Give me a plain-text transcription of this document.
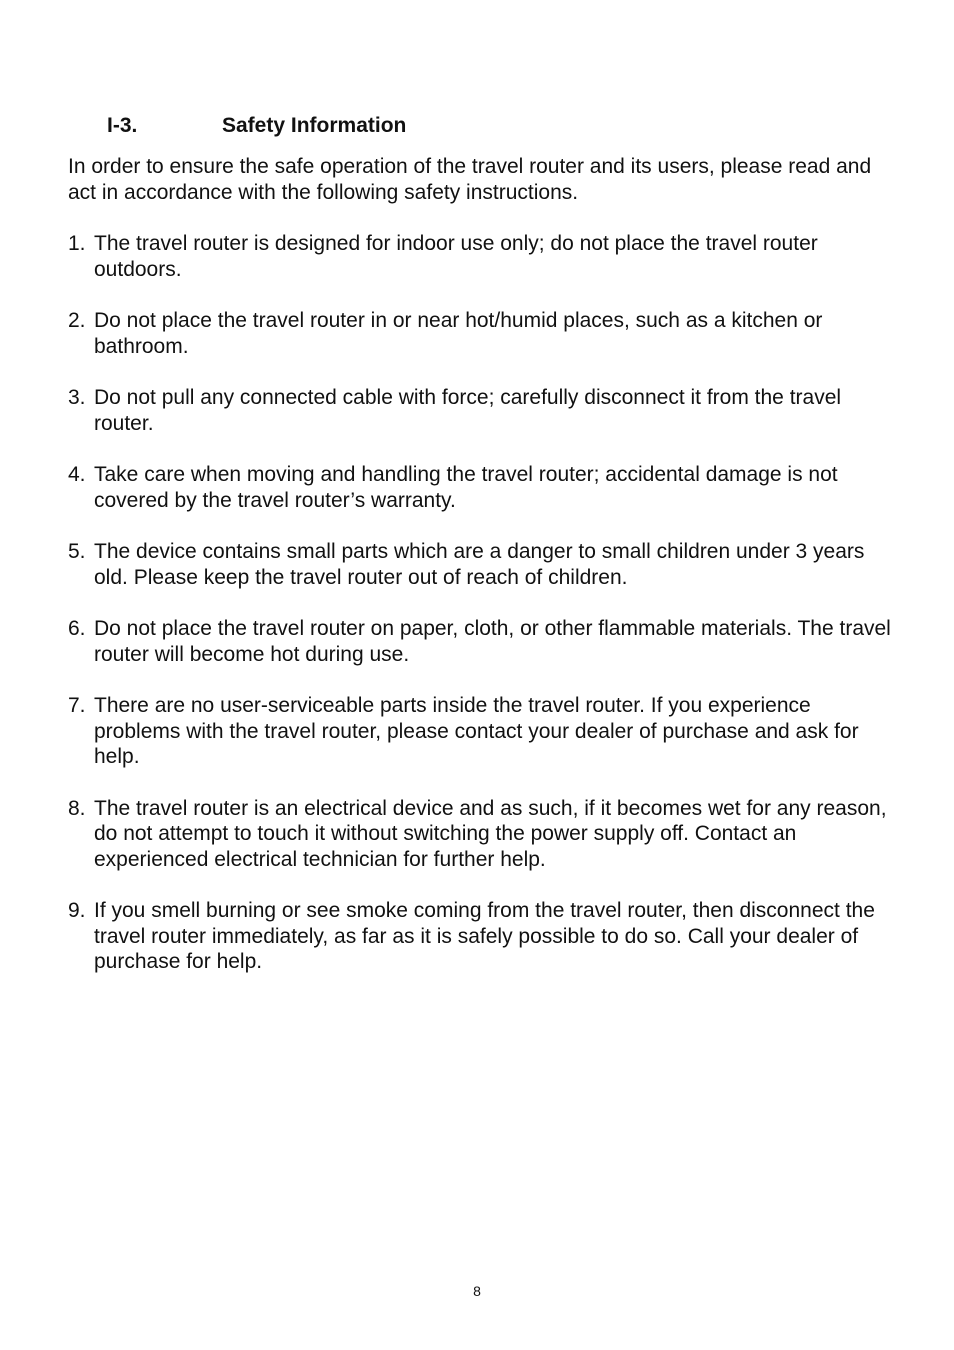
I-3.	Safety Information

In order to ensure the safe operation of the travel router and its users, please read and act in accordance with the following safety instructions.

1. The travel router is designed for indoor use only; do not place the travel router outdoors.
2. Do not place the travel router in or near hot/humid places, such as a kitchen or bathroom.
3. Do not pull any connected cable with force; carefully disconnect it from the travel router.
4. Take care when moving and handling the travel router; accidental damage is not covered by the travel router’s warranty.
5. The device contains small parts which are a danger to small children under 3 years old. Please keep the travel router out of reach of children.
6. Do not place the travel router on paper, cloth, or other flammable materials. The travel router will become hot during use.
7. There are no user-serviceable parts inside the travel router. If you experience problems with the travel router, please contact your dealer of purchase and ask for help.
8. The travel router is an electrical device and as such, if it becomes wet for any reason, do not attempt to touch it without switching the power supply off. Contact an experienced electrical technician for further help.
9. If you smell burning or see smoke coming from the travel router, then disconnect the travel router immediately, as far as it is safely possible to do so. Call your dealer of purchase for help.
8
